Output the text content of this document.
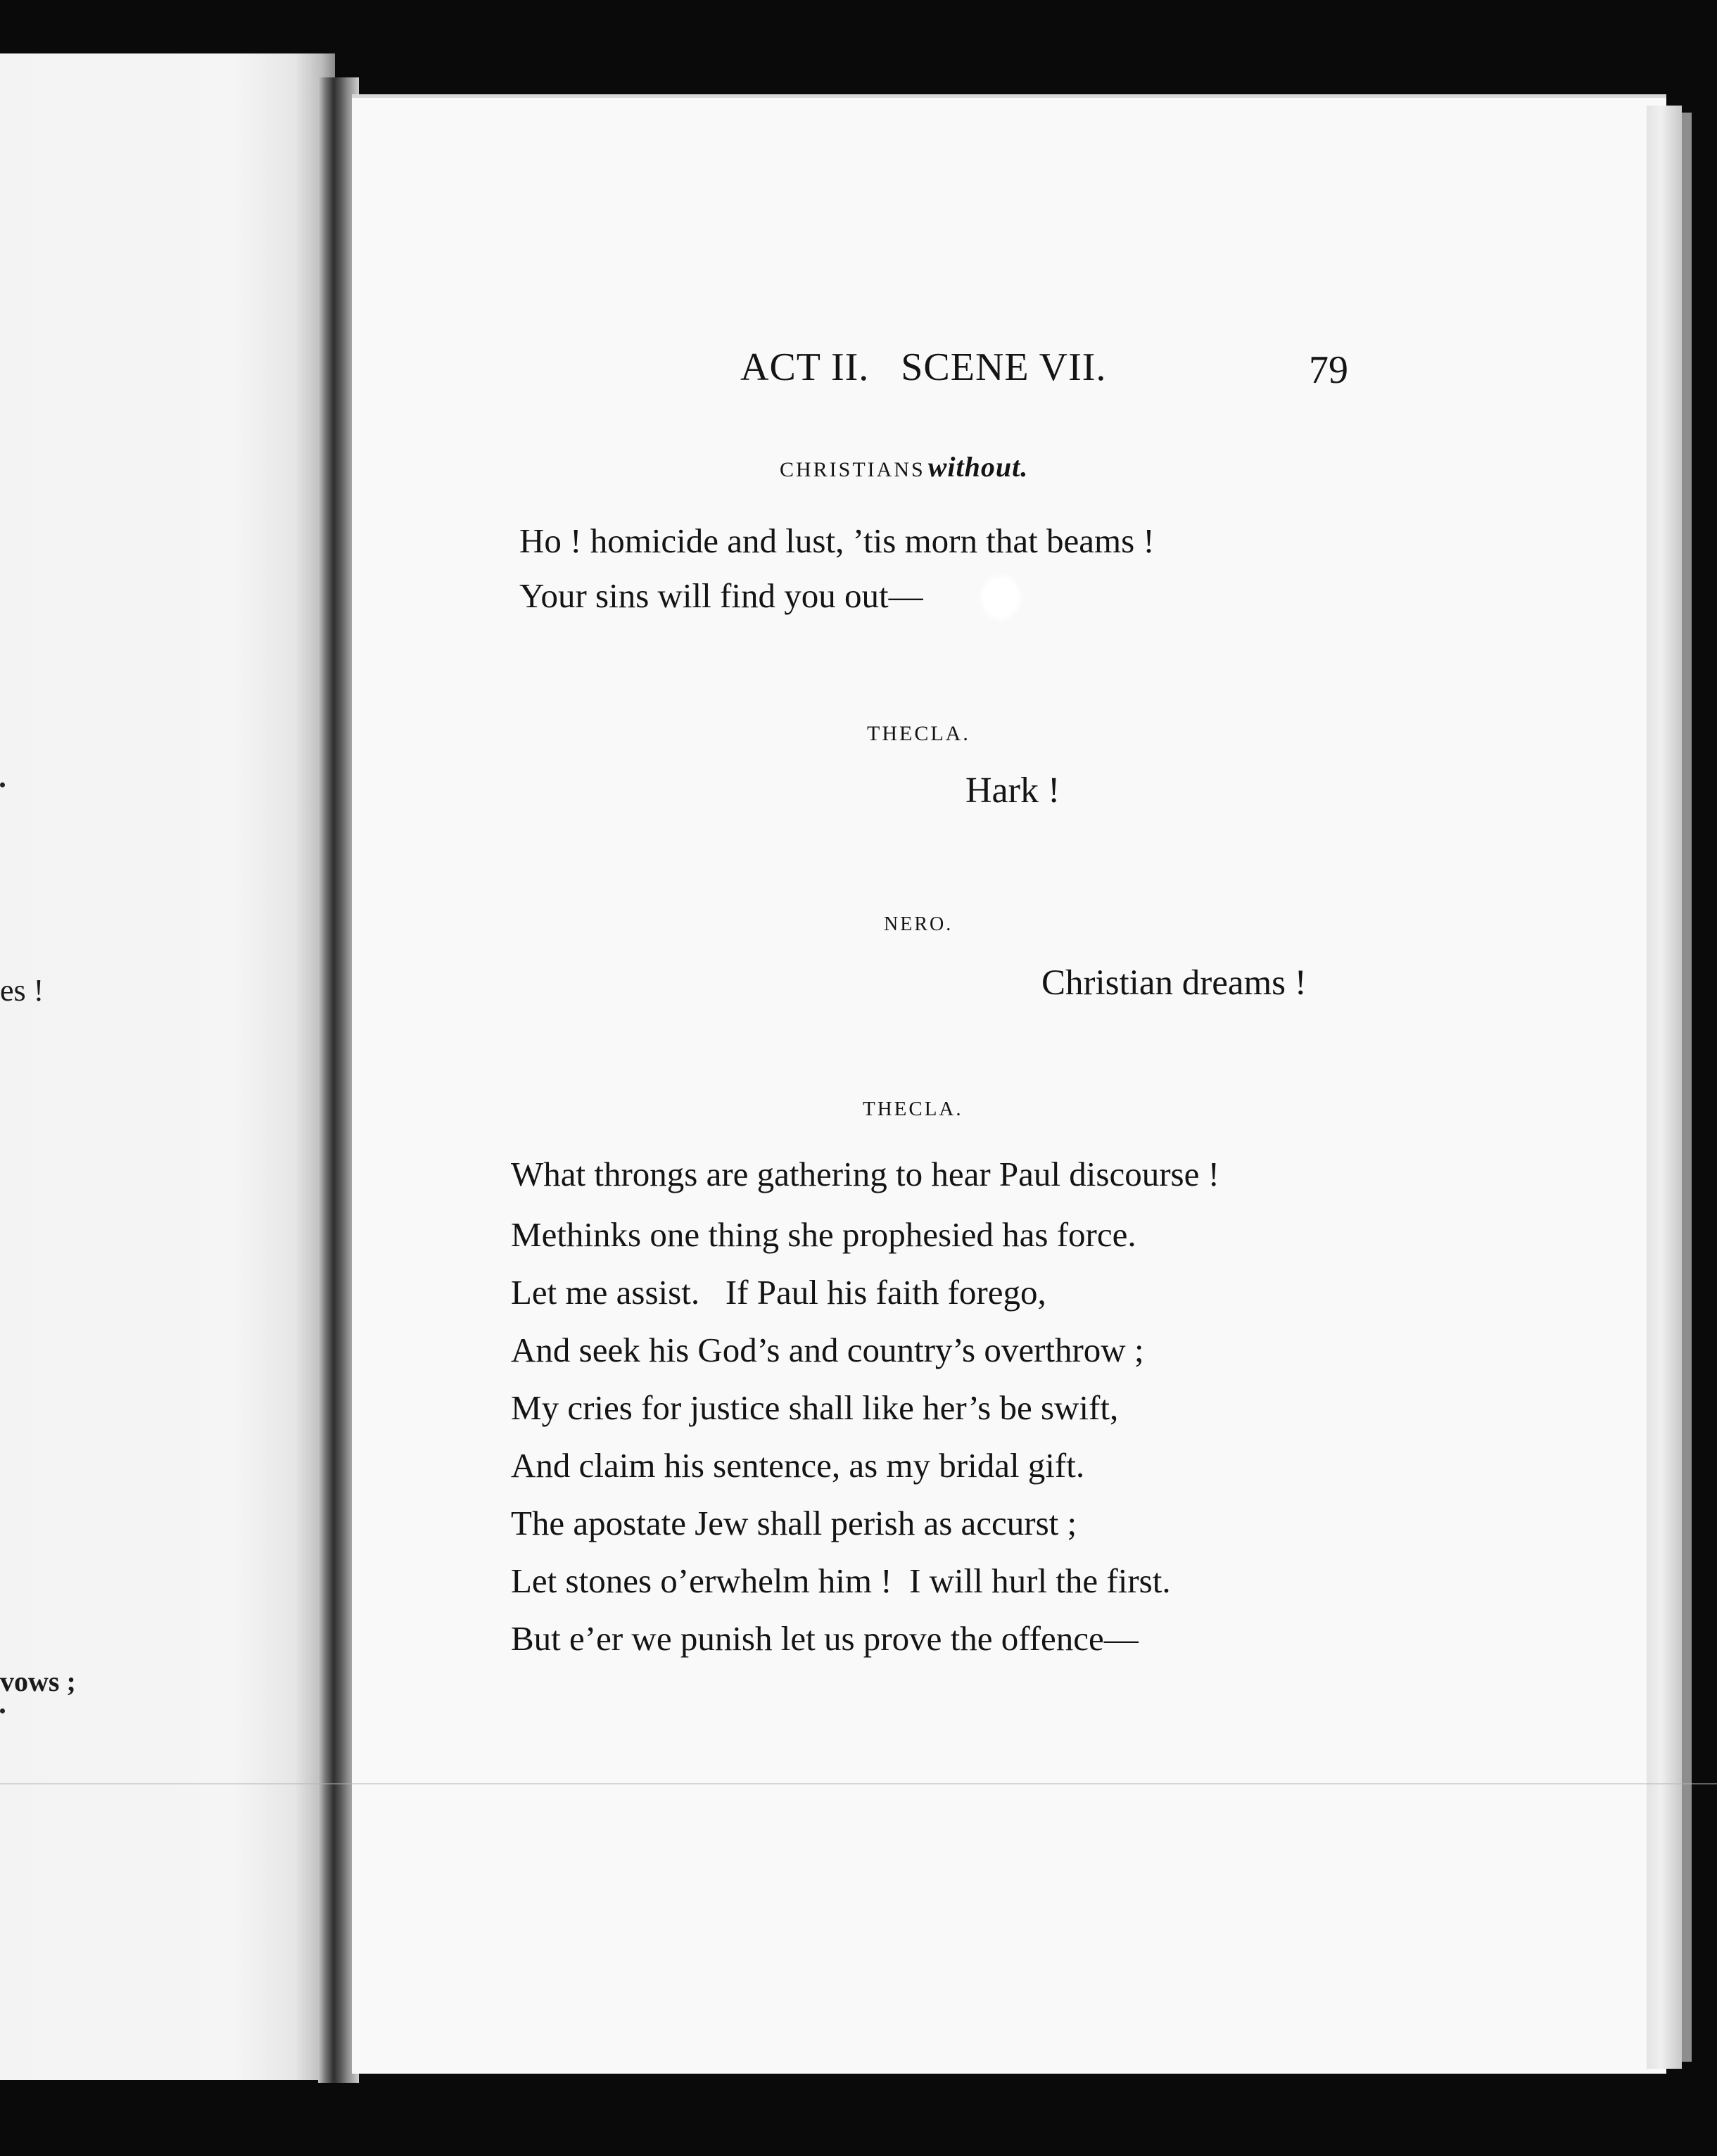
es !
vows ;
ACT II.   SCENE VII.	79
CHRISTIANS without.
Ho ! homicide and lust, ’tis morn that beams !
Your sins will find you out—
THECLA.
Hark !
NERO.
Christian dreams !
THECLA.
What throngs are gathering to hear Paul discourse !
Methinks one thing she prophesied has force.
Let me assist.   If Paul his faith forego,
And seek his God’s and country’s overthrow ;
My cries for justice shall like her’s be swift,
And claim his sentence, as my bridal gift.
The apostate Jew shall perish as accurst ;
Let stones o’erwhelm him !  I will hurl the first.
But e’er we punish let us prove the offence—
